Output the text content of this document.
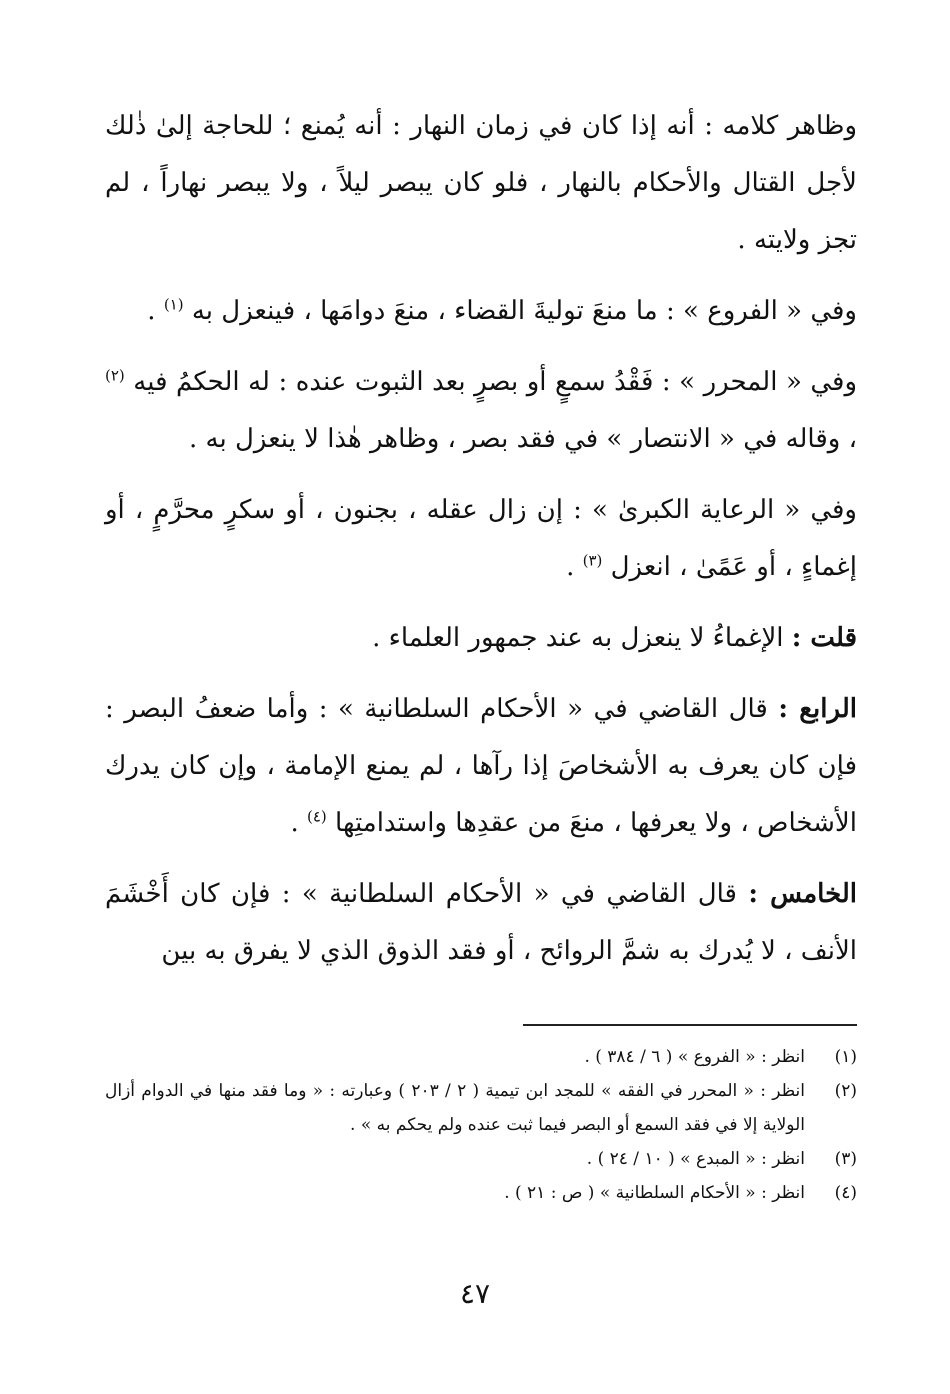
وظاهر كلامه : أنه إذا كان في زمان النهار : أنه يُمنع ؛ للحاجة إلىٰ ذٰلك لأجل القتال والأحكام بالنهار ، فلو كان يبصر ليلاً ، ولا يبصر نهاراً ، لم تجز ولايته .
وفي « الفروع » : ما منعَ توليةَ القضاء ، منعَ دوامَها ، فينعزل به $^{(١)}$ .
وفي « المحرر » : فَقْدُ سمعٍ أو بصرٍ بعد الثبوت عنده : له الحكمُ فيه $^{(٢)}$ ، وقاله في « الانتصار » في فقد بصر ، وظاهر هٰذا لا ينعزل به .
وفي « الرعاية الكبرىٰ » : إن زال عقله ، بجنون ، أو سكرٍ محرَّمٍ ، أو إغماءٍ ، أو عَمًىٰ ، انعزل $^{(٣)}$ .
قلت : الإغماءُ لا ينعزل به عند جمهور العلماء .
الرابع : قال القاضي في « الأحكام السلطانية » : وأما ضعفُ البصر : فإن كان يعرف به الأشخاصَ إذا رآها ، لم يمنع الإمامة ، وإن كان يدرك الأشخاص ، ولا يعرفها ، منعَ من عقدِها واستدامتِها $^{(٤)}$ .
الخامس : قال القاضي في « الأحكام السلطانية » : فإن كان أَخْشَمَ الأنف ، لا يُدرك به شمَّ الروائح ، أو فقد الذوق الذي لا يفرق به بين
(١)
انظر : « الفروع » ( ٦ / ٣٨٤ ) .
(٢)
انظر : « المحرر في الفقه » للمجد ابن تيمية ( ٢ / ٢٠٣ ) وعبارته : « وما فقد منها في الدوام أزال الولاية إلا في فقد السمع أو البصر فيما ثبت عنده ولم يحكم به » .
(٣)
انظر : « المبدع » ( ١٠ / ٢٤ ) .
(٤)
انظر : « الأحكام السلطانية » ( ص : ٢١ ) .
٤٧
